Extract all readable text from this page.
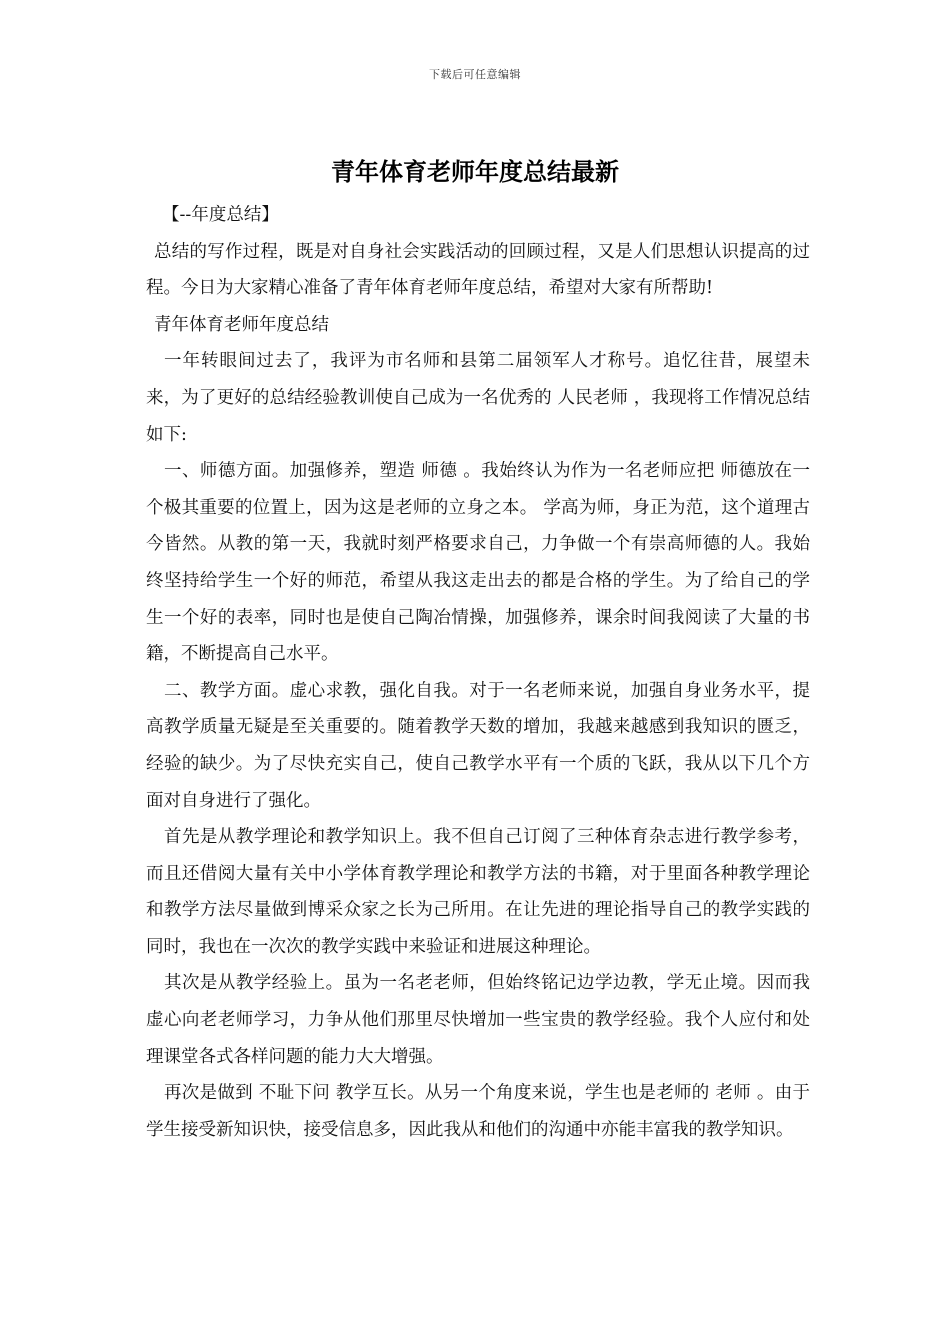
下载后可任意编辑
青年体育老师年度总结最新

【--年度总结】

总结的写作过程，既是对自身社会实践活动的回顾过程，又是人们思想认识提高的过程。今日为大家精心准备了青年体育老师年度总结，希望对大家有所帮助!

青年体育老师年度总结

一年转眼间过去了，我评为市名师和县第二届领军人才称号。追忆往昔，展望未来，为了更好的总结经验教训使自己成为一名优秀的 人民老师 ，我现将工作情况总结如下:

一、师德方面。加强修养，塑造 师德 。我始终认为作为一名老师应把 师德放在一个极其重要的位置上，因为这是老师的立身之本。 学高为师，身正为范，这个道理古今皆然。从教的第一天，我就时刻严格要求自己，力争做一个有崇高师德的人。我始终坚持给学生一个好的师范，希望从我这走出去的都是合格的学生。为了给自己的学生一个好的表率，同时也是使自己陶冶情操，加强修养，课余时间我阅读了大量的书籍，不断提高自己水平。

二、教学方面。虚心求教，强化自我。对于一名老师来说，加强自身业务水平，提高教学质量无疑是至关重要的。随着教学天数的增加，我越来越感到我知识的匮乏，经验的缺少。为了尽快充实自己，使自己教学水平有一个质的飞跃，我从以下几个方面对自身进行了强化。

首先是从教学理论和教学知识上。我不但自己订阅了三种体育杂志进行教学参考，而且还借阅大量有关中小学体育教学理论和教学方法的书籍，对于里面各种教学理论和教学方法尽量做到博采众家之长为己所用。在让先进的理论指导自己的教学实践的同时，我也在一次次的教学实践中来验证和进展这种理论。

其次是从教学经验上。虽为一名老老师，但始终铭记边学边教，学无止境。因而我虚心向老老师学习，力争从他们那里尽快增加一些宝贵的教学经验。我个人应付和处理课堂各式各样问题的能力大大增强。

再次是做到 不耻下问 教学互长。从另一个角度来说，学生也是老师的 老师 。由于学生接受新知识快，接受信息多，因此我从和他们的沟通中亦能丰富我的教学知识。
